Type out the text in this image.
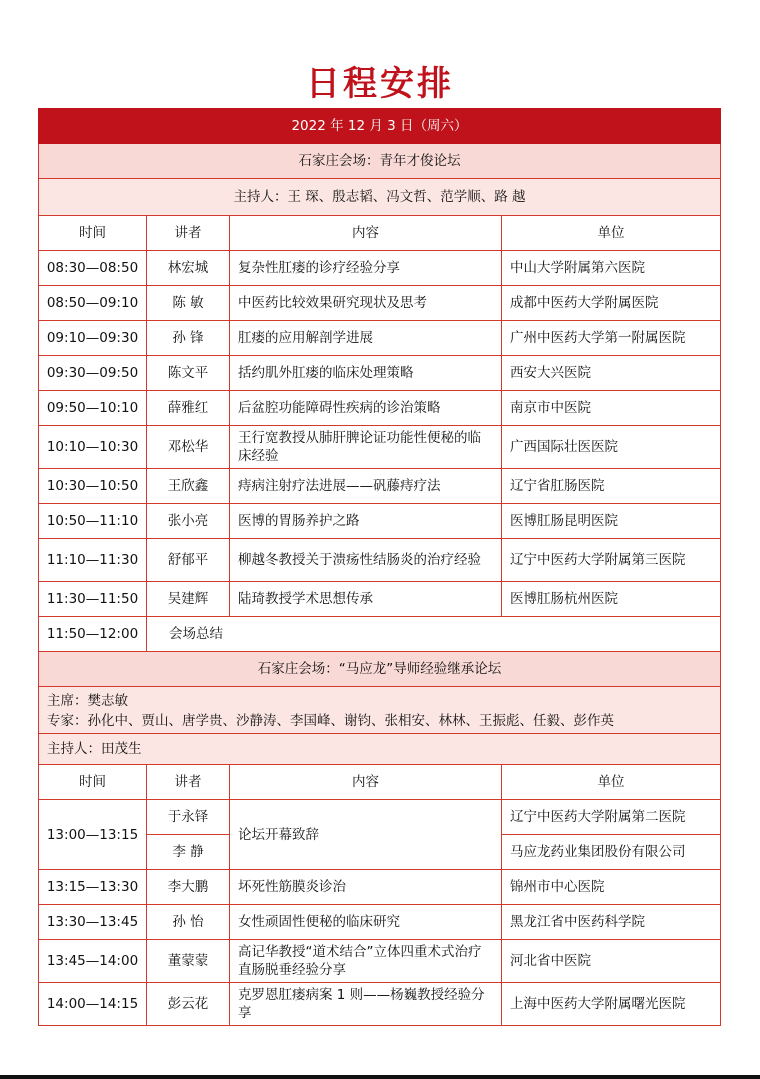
日程安排
2022 年 12 月 3 日（周六）			
石家庄会场：青年才俊论坛			
主持人：王 琛、殷志韬、冯文哲、范学顺、路 越			
时间	讲者	内容	单位
08:30—08:50	林宏城	复杂性肛瘘的诊疗经验分享	中山大学附属第六医院
08:50—09:10	陈 敏	中医药比较效果研究现状及思考	成都中医药大学附属医院
09:10—09:30	孙 锋	肛瘘的应用解剖学进展	广州中医药大学第一附属医院
09:30—09:50	陈文平	括约肌外肛瘘的临床处理策略	西安大兴医院
09:50—10:10	薛雅红	后盆腔功能障碍性疾病的诊治策略	南京市中医院
10:10—10:30	邓松华	王行宽教授从肺肝脾论证功能性便秘的临床经验	广西国际壮医医院
10:30—10:50	王欣鑫	痔病注射疗法进展——矾藤痔疗法	辽宁省肛肠医院
10:50—11:10	张小亮	医博的胃肠养护之路	医博肛肠昆明医院
11:10—11:30	舒郁平	柳越冬教授关于溃疡性结肠炎的治疗经验	辽宁中医药大学附属第三医院
11:30—11:50	吴建辉	陆琦教授学术思想传承	医博肛肠杭州医院
11:50—12:00	会场总结		
石家庄会场：“马应龙”导师经验继承论坛			

主席：樊志敏
专家：孙化中、贾山、唐学贵、沙静涛、李国峰、谢钧、张相安、林林、王振彪、任毅、彭作英			

主持人：田茂生			
时间	讲者	内容	单位
13:00—13:15	于永铎	论坛开幕致辞	辽宁中医药大学附属第二医院
	李 静		马应龙药业集团股份有限公司
13:15—13:30	李大鹏	坏死性筋膜炎诊治	锦州市中心医院
13:30—13:45	孙 怡	女性顽固性便秘的临床研究	黑龙江省中医药科学院
13:45—14:00	董蒙蒙	高记华教授“道术结合”立体四重术式治疗直肠脱垂经验分享	河北省中医院
14:00—14:15	彭云花	克罗恩肛瘘病案 1 则——杨巍教授经验分享	上海中医药大学附属曙光医院
